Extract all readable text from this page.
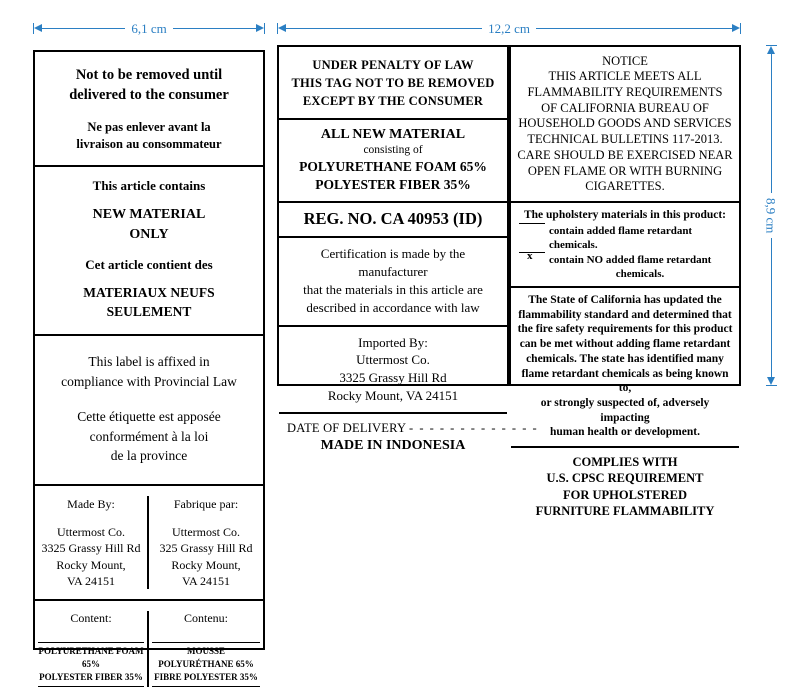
6,1 cm	12,2 cm
8,9 cm
Not to be removed until
delivered to the consumer
Ne pas enlever avant la
livraison au consommateur
This article contains
NEW MATERIAL
ONLY
Cet article contient des
MATERIAUX NEUFS
SEULEMENT
This label is affixed in
compliance with Provincial Law
Cette étiquette est apposée
conformément à la loi
de la province
Made By:
Uttermost Co.
3325 Grassy Hill Rd
Rocky Mount,
VA 24151
Fabrique par:
Uttermost Co.
325 Grassy Hill Rd
Rocky Mount,
VA 24151
Content:
POLYURETHANE FOAM 65%
POLYESTER FIBER 35%
Contenu:
MOUSSE POLYURÉTHANE 65%
FIBRE POLYESTER 35%
UNDER PENALTY OF LAW
THIS TAG NOT TO BE REMOVED
EXCEPT BY THE CONSUMER
ALL NEW MATERIAL
consisting of
POLYURETHANE FOAM 65%
POLYESTER FIBER 35%
REG. NO. CA 40953 (ID)
Certification is made by the manufacturer
that the materials in this article are
described in accordance with law
Imported By:
Uttermost Co.
3325 Grassy Hill Rd
Rocky Mount, VA 24151
DATE OF DELIVERY - - - - - - - - - - - - -
MADE IN INDONESIA
NOTICE
THIS ARTICLE MEETS ALL
FLAMMABILITY REQUIREMENTS
OF CALIFORNIA BUREAU OF
HOUSEHOLD GOODS AND SERVICES
TECHNICAL BULLETINS 117-2013.
CARE SHOULD BE EXERCISED NEAR
OPEN FLAME OR WITH BURNING
CIGARETTES.
The upholstery materials in this product:
contain added flame retardant chemicals.
x
contain NO added flame retardant
chemicals.
The State of California has updated the
flammability standard and determined that
the fire safety requirements for this product
can be met without adding flame retardant
chemicals. The state has identified many
flame retardant chemicals as being known to,
or strongly suspected of, adversely impacting
human health or development.
COMPLIES WITH
U.S. CPSC REQUIREMENT
FOR UPHOLSTERED
FURNITURE FLAMMABILITY
